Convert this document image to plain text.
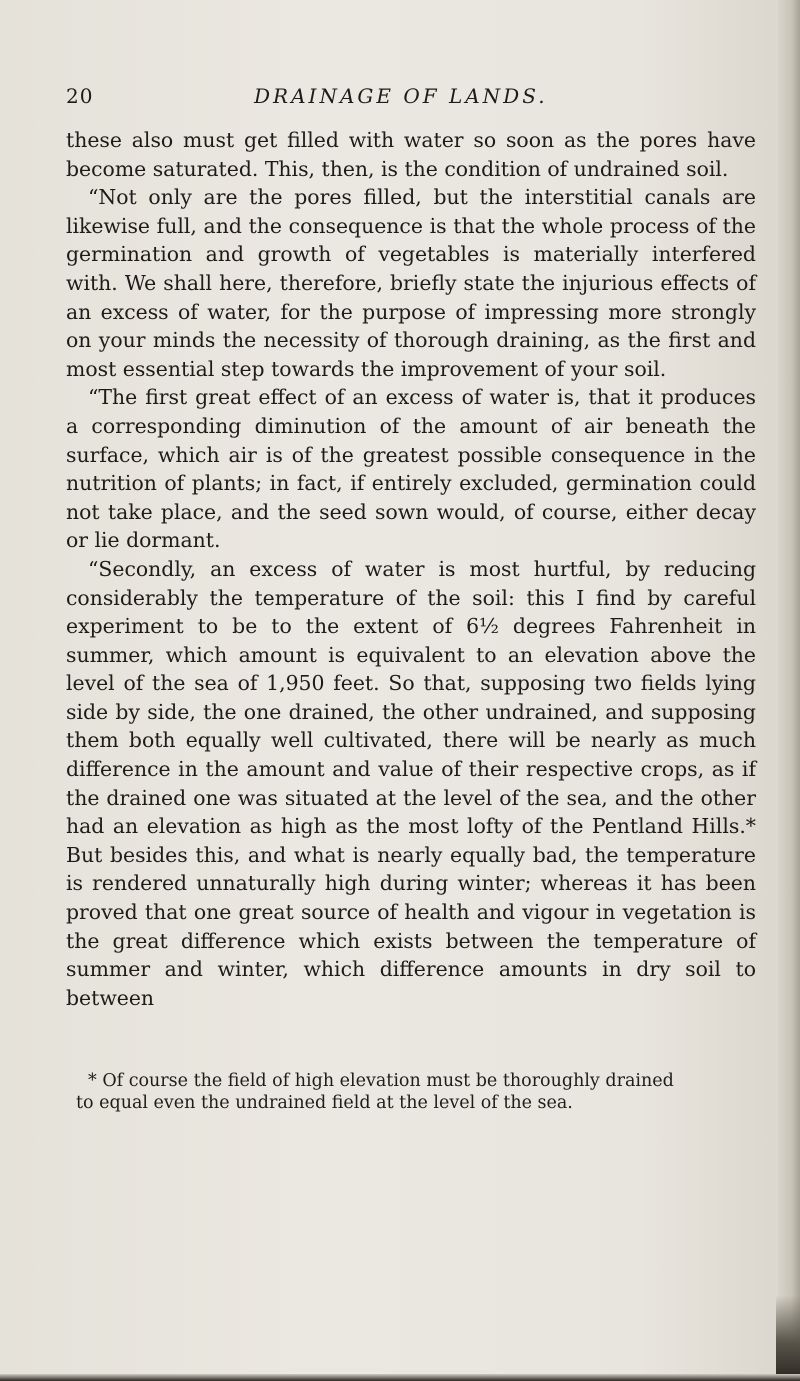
20	DRAINAGE OF LANDS.

these also must get filled with water so soon as the pores have become saturated. This, then, is the condition of undrained soil.

“Not only are the pores filled, but the interstitial canals are likewise full, and the consequence is that the whole process of the germination and growth of vegetables is materially interfered with. We shall here, therefore, briefly state the injurious effects of an excess of water, for the purpose of impressing more strongly on your minds the necessity of thorough draining, as the first and most essential step towards the improvement of your soil.

“The first great effect of an excess of water is, that it produces a corresponding diminution of the amount of air beneath the surface, which air is of the greatest possible consequence in the nutrition of plants; in fact, if entirely excluded, germination could not take place, and the seed sown would, of course, either decay or lie dormant.

“Secondly, an excess of water is most hurtful, by reducing considerably the temperature of the soil: this I find by careful experiment to be to the extent of 6½ degrees Fahrenheit in summer, which amount is equivalent to an elevation above the level of the sea of 1,950 feet. So that, supposing two fields lying side by side, the one drained, the other undrained, and supposing them both equally well cultivated, there will be nearly as much difference in the amount and value of their respective crops, as if the drained one was situated at the level of the sea, and the other had an elevation as high as the most lofty of the Pentland Hills.* But besides this, and what is nearly equally bad, the temperature is rendered unnaturally high during winter; whereas it has been proved that one great source of health and vigour in vegetation is the great difference which exists between the temperature of summer and winter, which difference amounts in dry soil to between

* Of course the field of high elevation must be thoroughly drained
to equal even the undrained field at the level of the sea.
